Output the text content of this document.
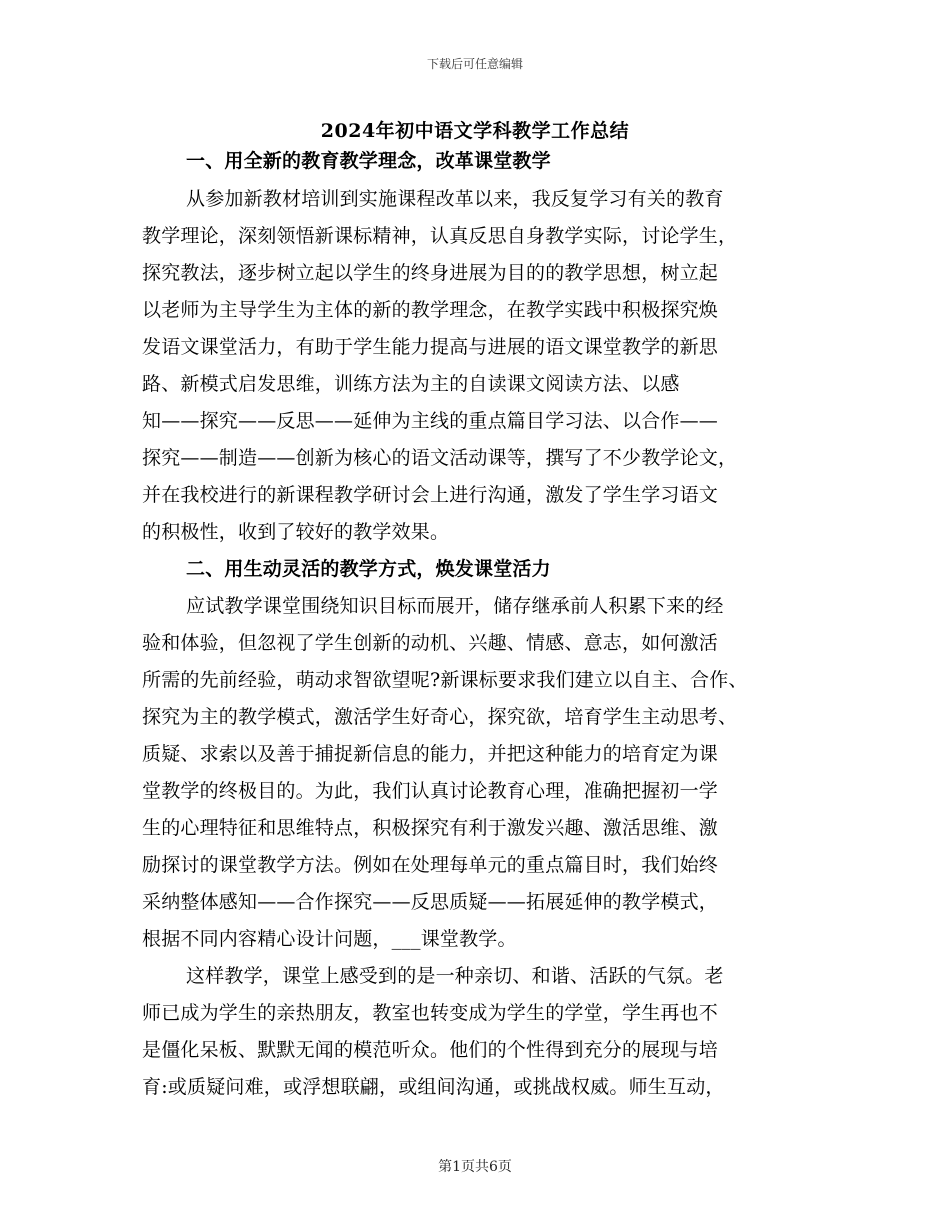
下载后可任意编辑
2024年初中语文学科教学工作总结
一、用全新的教育教学理念，改革课堂教学
从参加新教材培训到实施课程改革以来，我反复学习有关的教育
教学理论，深刻领悟新课标精神，认真反思自身教学实际，讨论学生，
探究教法，逐步树立起以学生的终身进展为目的的教学思想，树立起
以老师为主导学生为主体的新的教学理念，在教学实践中积极探究焕
发语文课堂活力，有助于学生能力提高与进展的语文课堂教学的新思
路、新模式启发思维，训练方法为主的自读课文阅读方法、以感
知——探究——反思——延伸为主线的重点篇目学习法、以合作——
探究——制造——创新为核心的语文活动课等，撰写了不少教学论文，
并在我校进行的新课程教学研讨会上进行沟通，激发了学生学习语文
的积极性，收到了较好的教学效果。
二、用生动灵活的教学方式，焕发课堂活力
应试教学课堂围绕知识目标而展开，储存继承前人积累下来的经
验和体验，但忽视了学生创新的动机、兴趣、情感、意志，如何激活
所需的先前经验，萌动求智欲望呢?新课标要求我们建立以自主、合作、
探究为主的教学模式，激活学生好奇心，探究欲，培育学生主动思考、
质疑、求索以及善于捕捉新信息的能力，并把这种能力的培育定为课
堂教学的终极目的。为此，我们认真讨论教育心理，准确把握初一学
生的心理特征和思维特点，积极探究有利于激发兴趣、激活思维、激
励探讨的课堂教学方法。例如在处理每单元的重点篇目时，我们始终
采纳整体感知——合作探究——反思质疑——拓展延伸的教学模式，
根据不同内容精心设计问题，___课堂教学。
这样教学，课堂上感受到的是一种亲切、和谐、活跃的气氛。老
师已成为学生的亲热朋友，教室也转变成为学生的学堂，学生再也不
是僵化呆板、默默无闻的模范听众。他们的个性得到充分的展现与培
育:或质疑问难，或浮想联翩，或组间沟通，或挑战权威。师生互动，
第1页共6页
